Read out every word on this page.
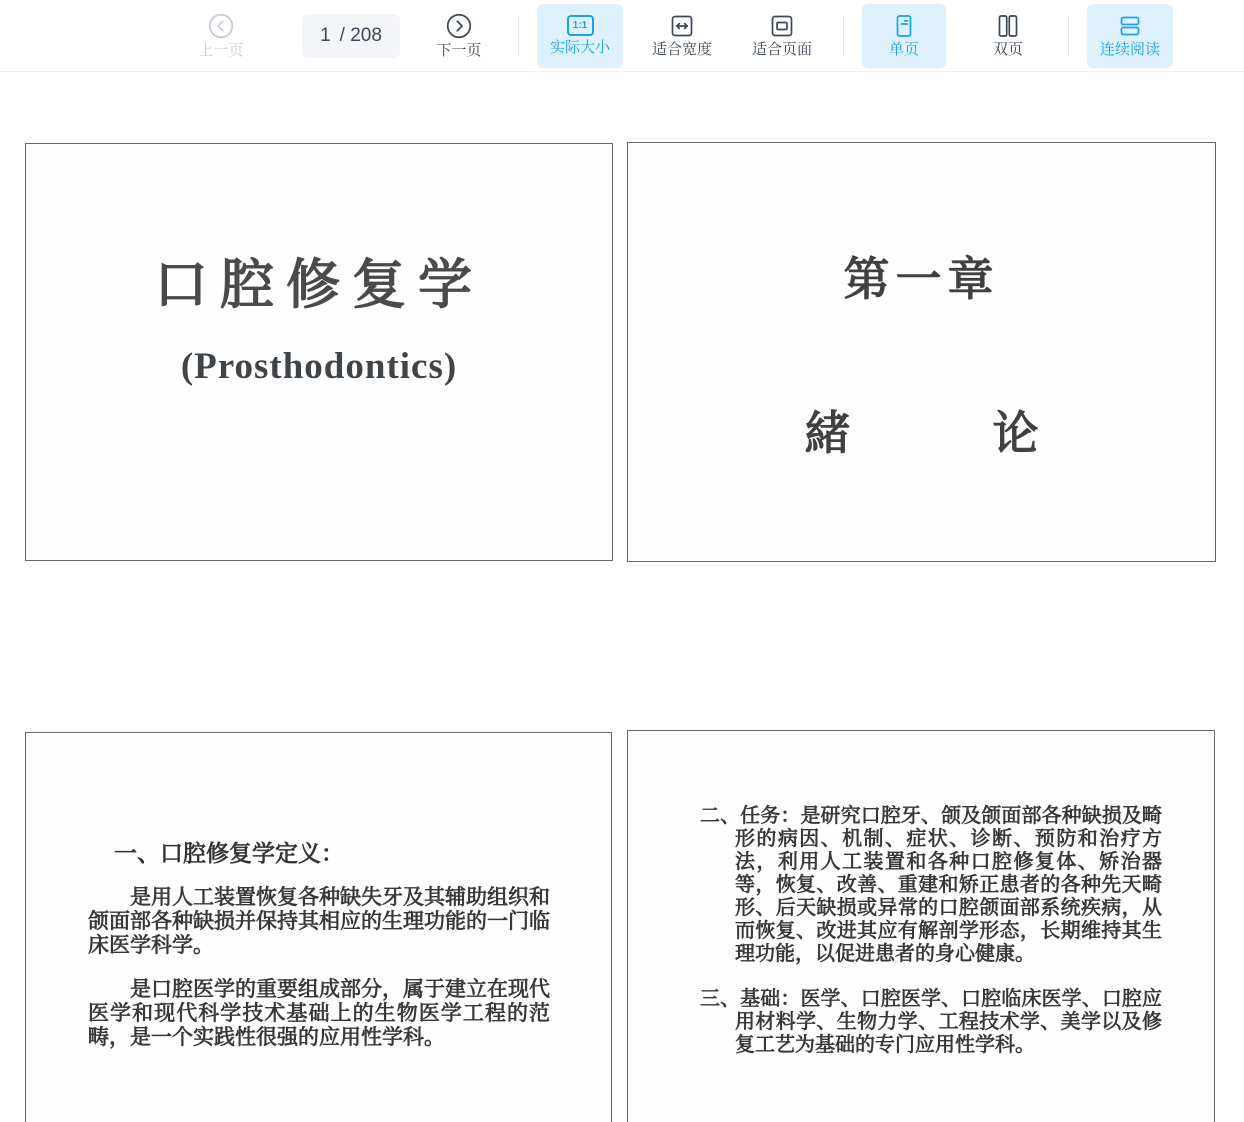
上一页
1 / 208
下一页
1:1
实际大小	适合宽度	适合页面	单页	双页	连续阅读
口腔修复学
(Prosthodontics)
第一章
緒	论
一、口腔修复学定义：
是用人工装置恢复各种缺失牙及其辅助组织和颌面部各种缺损并保持其相应的生理功能的一门临床医学科学。
是口腔医学的重要组成部分，属于建立在现代医学和现代科学技术基础上的生物医学工程的范畴，是一个实践性很强的应用性学科。
二、任务：是研究口腔牙、颌及颌面部各种缺损及畸形的病因、机制、症状、诊断、预防和治疗方法，利用人工装置和各种口腔修复体、矫治器等，恢复、改善、重建和矫正患者的各种先天畸形、后天缺损或异常的口腔颌面部系统疾病，从而恢复、改进其应有解剖学形态，长期维持其生理功能，以促进患者的身心健康。
三、基础：医学、口腔医学、口腔临床医学、口腔应用材料学、生物力学、工程技术学、美学以及修复工艺为基础的专门应用性学科。
